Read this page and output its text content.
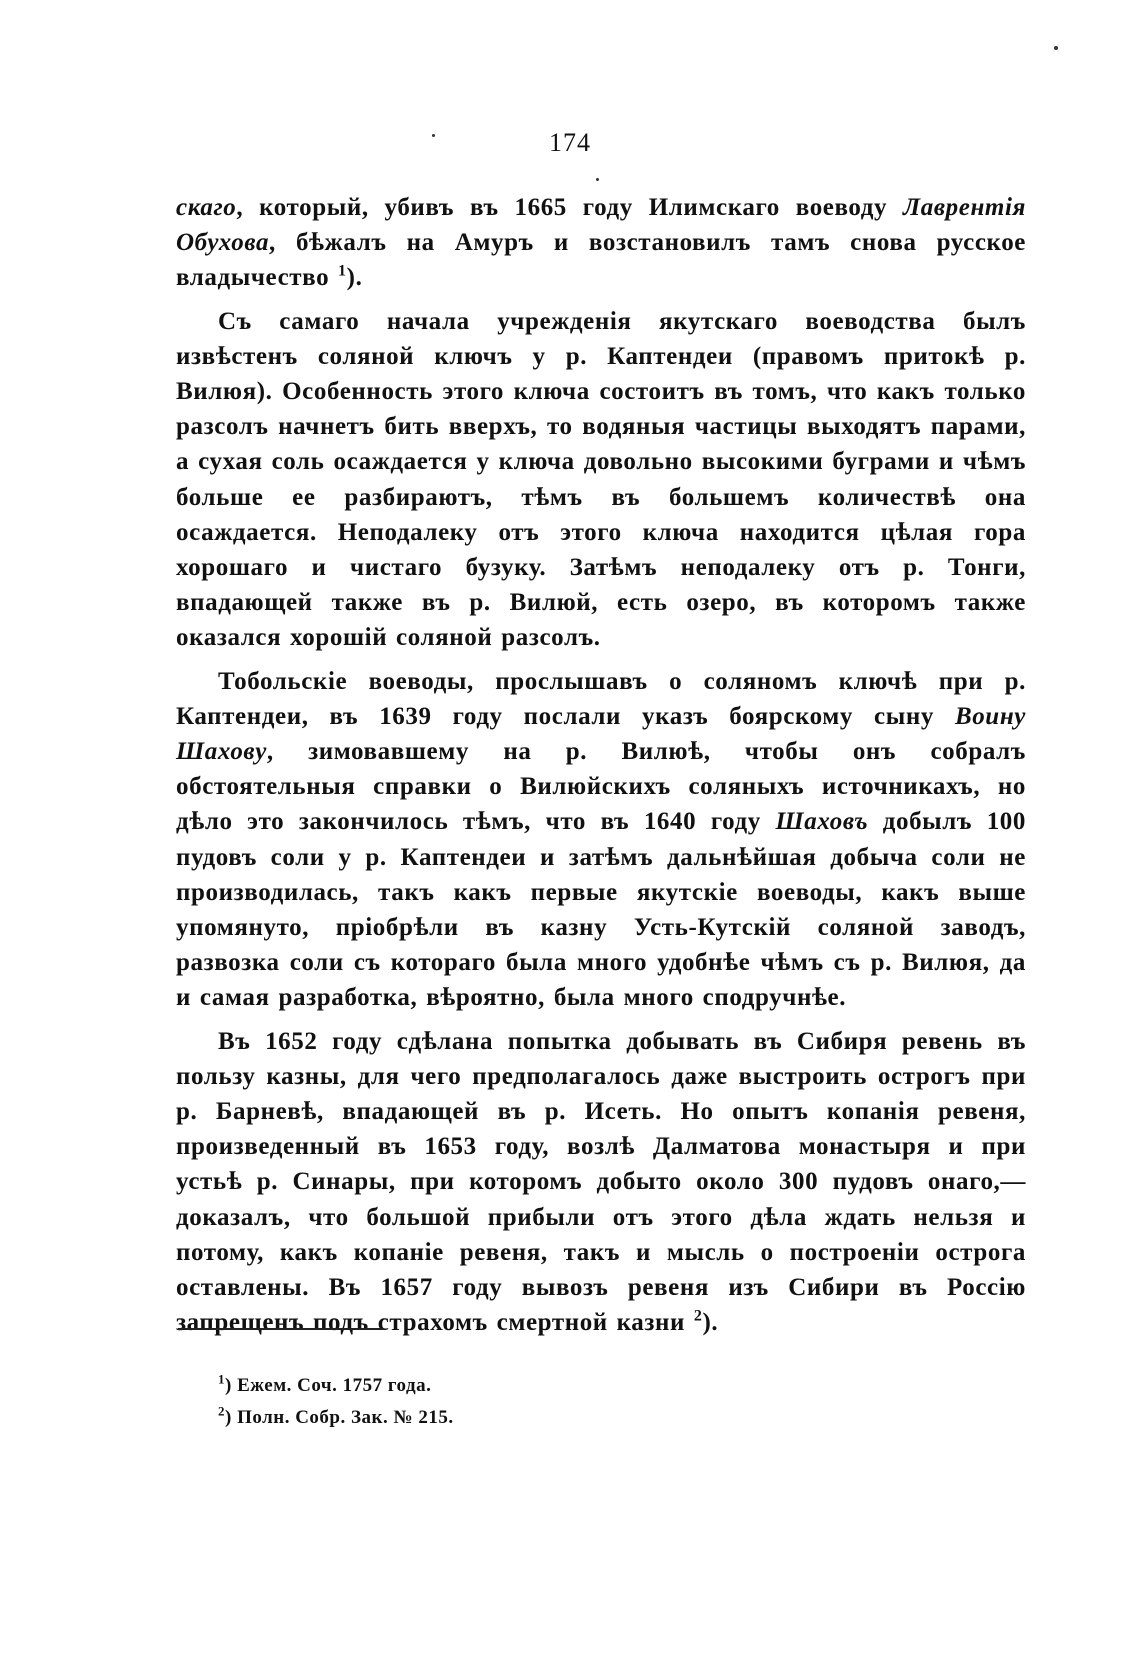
174

скаго, который, убивъ въ 1665 году Илимскаго воеводу Лаврентія Обухова, бѣжалъ на Амуръ и возстановилъ тамъ снова русское владычество $^1$).

Съ самаго начала учрежденія якутскаго воеводства былъ извѣстенъ соляной ключъ у р. Каптендеи (правомъ притокѣ р. Вилюя). Особенность этого ключа состоитъ въ томъ, что какъ только разсолъ начнетъ бить вверхъ, то водяныя частицы выходятъ парами, а сухая соль осаждается у ключа довольно высокими буграми и чѣмъ больше ее разбираютъ, тѣмъ въ большемъ количествѣ она осаждается. Неподалеку отъ этого ключа находится цѣлая гора хорошаго и чистаго бузуку. Затѣмъ неподалеку отъ р. Тонги, впадающей также въ р. Вилюй, есть озеро, въ которомъ также оказался хорошій соляной разсолъ.

Тобольскіе воеводы, прослышавъ о соляномъ ключѣ при р. Каптендеи, въ 1639 году послали указъ боярскому сыну Воину Шахову, зимовавшему на р. Вилюѣ, чтобы онъ собралъ обстоятельныя справки о Вилюйскихъ соляныхъ источникахъ, но дѣло это закончилось тѣмъ, что въ 1640 году Шаховъ добылъ 100 пудовъ соли у р. Каптендеи и затѣмъ дальнѣйшая добыча соли не производилась, такъ какъ первые якутскіе воеводы, какъ выше упомянуто, пріобрѣли въ казну Усть-Кутскій соляной заводъ, развозка соли съ котораго была много удобнѣе чѣмъ съ р. Вилюя, да и самая разработка, вѣроятно, была много сподручнѣе.

Въ 1652 году сдѣлана попытка добывать въ Сибиря ревень въ пользу казны, для чего предполагалось даже выстроить острогъ при р. Барневѣ, впадающей въ р. Исеть. Но опытъ копанія ревеня, произведенный въ 1653 году, возлѣ Далматова монастыря и при устьѣ р. Синары, при которомъ добыто около 300 пудовъ онаго,—доказалъ, что большой прибыли отъ этого дѣла ждать нельзя и потому, какъ копаніе ревеня, такъ и мысль о построеніи острога оставлены. Въ 1657 году вывозъ ревеня изъ Сибири въ Россію запрещенъ подъ страхомъ смертной казни $^2$).

$^1$) Ежем. Соч. 1757 года.
$^2$) Полн. Собр. Зак. № 215.
